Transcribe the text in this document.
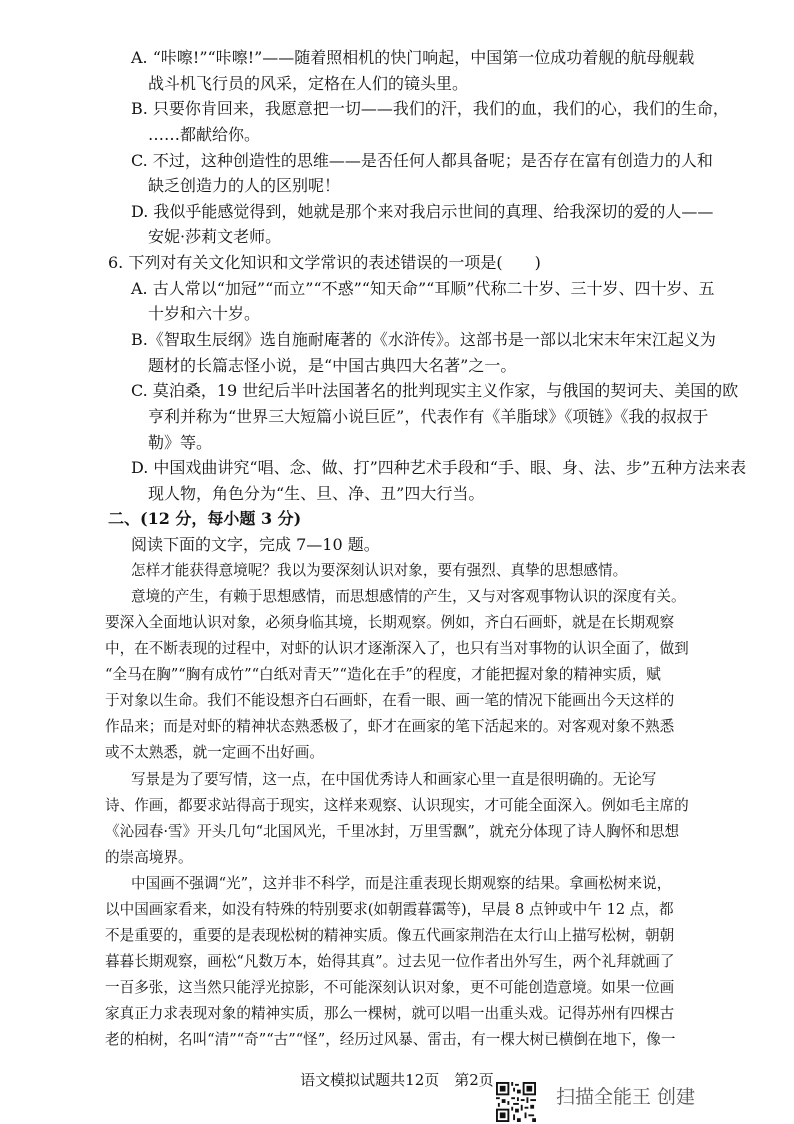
A. “咔嚓!”“咔嚓!”——随着照相机的快门响起，中国第一位成功着舰的航母舰载
战斗机飞行员的风采，定格在人们的镜头里。
B. 只要你肯回来，我愿意把一切——我们的汗，我们的血，我们的心，我们的生命，
……都献给你。
C. 不过，这种创造性的思维——是否任何人都具备呢；是否存在富有创造力的人和
缺乏创造力的人的区别呢！
D. 我似乎能感觉得到，她就是那个来对我启示世间的真理、给我深切的爱的人——
安妮·莎莉文老师。
6. 下列对有关文化知识和文学常识的表述错误的一项是(　　)
A. 古人常以“加冠”“而立”“不惑”“知天命”“耳顺”代称二十岁、三十岁、四十岁、五
十岁和六十岁。
B.《智取生辰纲》选自施耐庵著的《水浒传》。这部书是一部以北宋末年宋江起义为
题材的长篇志怪小说，是“中国古典四大名著”之一。
C. 莫泊桑，19 世纪后半叶法国著名的批判现实主义作家，与俄国的契诃夫、美国的欧
亨利并称为“世界三大短篇小说巨匠”，代表作有《羊脂球》《项链》《我的叔叔于
勒》等。
D. 中国戏曲讲究“唱、念、做、打”四种艺术手段和“手、眼、身、法、步”五种方法来表
现人物，角色分为“生、旦、净、丑”四大行当。
二、(12 分，每小题 3 分)
阅读下面的文字，完成 7—10 题。
怎样才能获得意境呢？我以为要深刻认识对象，要有强烈、真挚的思想感情。
意境的产生，有赖于思想感情，而思想感情的产生，又与对客观事物认识的深度有关。
要深入全面地认识对象，必须身临其境，长期观察。例如，齐白石画虾，就是在长期观察
中，在不断表现的过程中，对虾的认识才逐渐深入了，也只有当对事物的认识全面了，做到
“全马在胸”“胸有成竹”“白纸对青天”“造化在手”的程度，才能把握对象的精神实质，赋
于对象以生命。我们不能设想齐白石画虾，在看一眼、画一笔的情况下能画出今天这样的
作品来；而是对虾的精神状态熟悉极了，虾才在画家的笔下活起来的。对客观对象不熟悉
或不太熟悉，就一定画不出好画。
写景是为了要写情，这一点，在中国优秀诗人和画家心里一直是很明确的。无论写
诗、作画，都要求站得高于现实，这样来观察、认识现实，才可能全面深入。例如毛主席的
《沁园春·雪》开头几句“北国风光，千里冰封，万里雪飘”，就充分体现了诗人胸怀和思想
的崇高境界。
中国画不强调“光”，这并非不科学，而是注重表现长期观察的结果。拿画松树来说，
以中国画家看来，如没有特殊的特别要求(如朝霞暮霭等)，早晨 8 点钟或中午 12 点，都
不是重要的，重要的是表现松树的精神实质。像五代画家荆浩在太行山上描写松树，朝朝
暮暮长期观察，画松“凡数万本，始得其真”。过去见一位作者出外写生，两个礼拜就画了
一百多张，这当然只能浮光掠影，不可能深刻认识对象，更不可能创造意境。如果一位画
家真正力求表现对象的精神实质，那么一棵树，就可以唱一出重头戏。记得苏州有四棵古
老的柏树，名叫“清”“奇”“古”“怪”，经历过风暴、雷击，有一棵大树已横倒在地下，像一
语文模拟试题共12页　第2页
扫描全能王 创建
